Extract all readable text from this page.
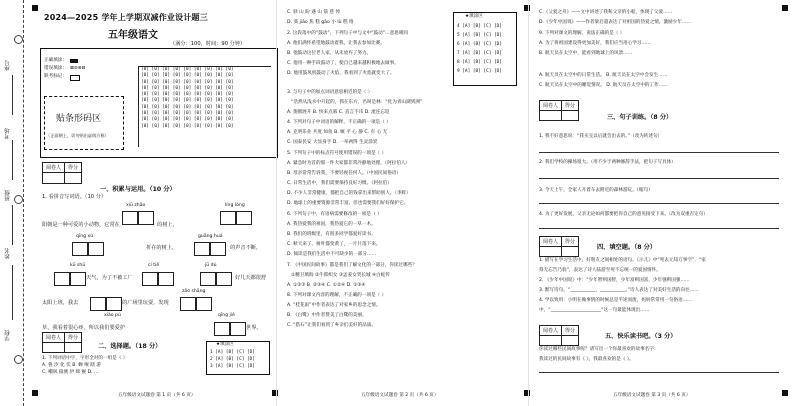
座号
考场
班级
姓名
学校
2024—2025 学年上学期双减作业设计题三
五年级语文
（满分：100，时间：90 分钟）
正确填涂：
错误填涂： ⊠⊘⊗⊟
缺考标记：
贴条形码区
（正面朝上，切勿贴出虚线方框）
[0] [0] [0] [0] [0] [0] [0] [0] [0]
[0] [0] [0] [0] [0] [0] [0] [0] [0]
[0] [0] [0] [0] [0] [0] [0] [0] [0]
[0] [0] [0] [0] [0] [0] [0] [0] [0]
[0] [0] [0] [0] [0] [0] [0] [0] [0]
[0] [0] [0] [0] [0] [0] [0] [0] [0]
[0] [0] [0] [0] [0] [0] [0] [0] [0]
[0] [0] [0] [0] [0] [0] [0] [0] [0]
[0] [0] [0] [0] [0] [0] [0] [0] [0]
[0] [0] [0] [0] [0] [0] [0] [0] [0]
阅卷人	得分

一、积累与运用。（10 分）
1. 看拼音写词语。（10 分）
xiū zhāo	líng lóng
阳朝是一种可爱的小动物，它常在	的树上，
qīng xù	guāng huá
折在的树上，	的声音不断，
kū shū	cí tiě	jū dú
天气，为了不被工厂	好几天都很舒
zāo shāng
太阳上班，我去	的广场里玩耍，发现
xiǎo pú	qīng jié
草，我看着很心疼，所以我们要爱护	世界。
阅卷人	得分

二、选择题。（18 分）
1. 下列词语中字，字形全对的一组是（ ）
A. 鲁 汐 化 伏 B. 蝉 喉 瞎 游
C. 嘲讽 揣测 伊 缔 猴 D. …
★填涂区
1 [A] [B] [C] [D]
2 [A] [B] [C] [D]
3 [A] [B] [C] [D]
五年级语文试题卷 第 1 页（共 6 页）
C. 驿 山 盼 遇 山 箭 慈 悼
D. 葵 jiāo 焦 糕 gāo 小 lù 糕 络
2. 这段落中的“鼓动”，下列句子中与文中“鼓动”…意思相同
A. 他们满怀希望地鼓动着我，让我去参加比赛。
B. 他鼓动这位老人家，从未放弃了努力。
C. 他用一种手段鼓动了，使自己越来越积极地去做事。
D. 他用鼓风机鼓动了火焰，我看到了火焰就变大了。
★填涂区
4 [A] [B] [C] [D]
5 [A] [B] [C] [D]
6 [A] [B] [C] [D]
7 [A] [B] [C] [D]
8 [A] [B] [C] [D]
9 [A] [B] [C] [D]
3. 与句子中的加点词语意思相近的是（ ）
“浩然从浅水中升起的，抓在东方，名叫是林：“化为青山湖到洲”
A. 翅膀展开 B. 快来点慕 C. 直言不讳 D. 流连忘返
4. 下列对句子中词语的解释，不正确的一项是（ ）
A. 克明乐业 共度 如鱼 B. 嫉 平 心 静 C. 有 心 无
C. 国泰民安 大显身手 D. 一举两得 生灵涂炭
5. 下列句子中的标点符号使用错误的一项是（ ）
A. 紧急时为首的那一件大家都非常冷静地处理，（阿拉伯人）
B. 母亲常常告诉我，不要轻视任何人。（中国民间俗语）
C. 日常生活中，我们需要保持良好习惯。（阿拉伯）
D. 不少人非常健康，都把自己的钱拿出来帮助别人。（李辉）
D. 地球上的重要资源非常丰富，但也需要我们好好保护它。
6. 下列句子中，有语病需要修改的一项是（ ）
A. 我热爱我的祖国，我热爱它的一草一木。
B. 我们的班级里，有很多同学都爱好读书。
C. 秋天来了，树叶都变黄了，一片片落下来。
D. 阅读是我们生活中不可缺少的一部分……
7. 《中国民间故事》都是我们了解文化的一部分，你读过哪些？
①精卫填海 ②牛郎织女 ③孟姜女哭长城 ④白蛇传
A. ①②③ B. ②③④ C. ①②④ D. ①③④
8. 下列对课文内容的理解，不正确的一项是（ ）
A. “桂花雨”中作者表达了对家乡的思念之情。
B. 《白鹭》中作者赞美了白鹭的美丽。
C. “搭石”让我们看到了乡亲们美好的品质。
五年级语文试题卷 第 2 页（共 6 页）
C.《父爱之舟》——文中讲述了我和父亲的小船，体现了父爱……
D.《少年中国说》——作者梁启超表达了对祖国的热爱之情，激励少年……
9. 下列对课文的理解，说法正确的是（ ）
A. 为了将祖国建设得更加美好，我们应当用心学习……
B. 航天员在太空中，能看到地球上的风景……
A. 航天员在太空中的日常生活。 B. 航天员在太空中会发生……
C. 航天员在太空中的睡觉情况。 D. 航天员在太空中的工作……
阅卷人	得分

三、句子训练。（8 分）
1. 我不好意思说：“我买完以后就会出去的。”（改为转述句）
2. 我们学校的操场很大。（用不少于两种修辞手法，把句子写具体）
3. 今天上午，全家人开着车去附近的森林游玩。（缩句）
4. 为了更好发展，父亲无论如何都要把你自己的意见接受下来。（改为双重否定句）
阅卷人	得分

四、填空题。（8 分）
1. 描写在学习生活中，好朋友之间相处的语句。《示儿》中“死去元知万事空”，“家
祭无忘告乃翁”，表达了诗人陆游至死不忘统一的爱国情怀。
2. 《少年中国说》中：“少年智则国智，少年富则国富，少年强则国强……
3. 默写诗句。“___________，___________。”诗人表达了对美好生活的向往……
4. 学以致用：小明在做事情的时候总是半途而废，妈妈常常用一句俗语……
中，“______________________”这一句最能体现出……
阅卷人	得分

五、快乐读书吧。（3 分）
你读过哪些民间故事呢？请写出一个你最喜欢的故事名字：
我读过的民间故事有《 》，我最喜欢的是《 》。
五年级语文试题卷 第 3 页（共 6 页）
